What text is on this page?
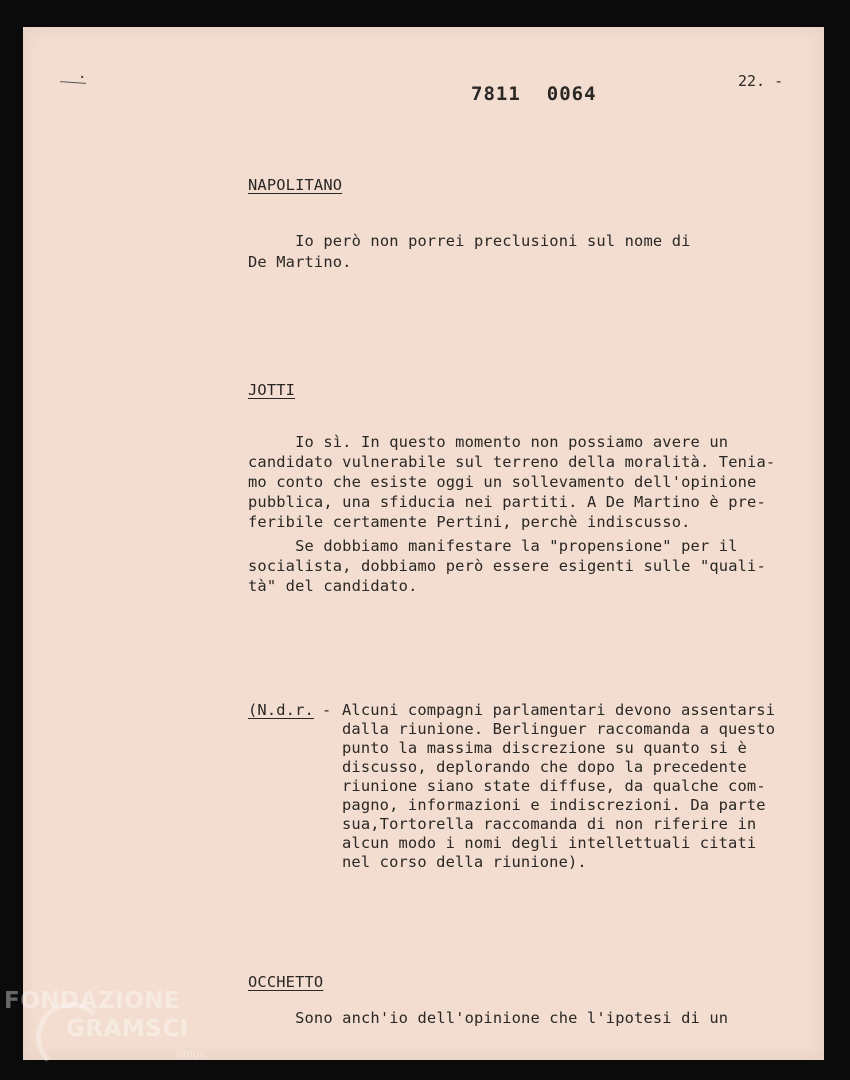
·
7811 0064
22. -
NAPOLITANO
Io però non porrei preclusioni sul nome di
De Martino.
JOTTI
Io sì. In questo momento non possiamo avere un
candidato vulnerabile sul terreno della moralità. Tenia-
mo conto che esiste oggi un sollevamento dell'opinione
pubblica, una sfiducia nei partiti. A De Martino è pre-
feribile certamente Pertini, perchè indiscusso.
Se dobbiamo manifestare la "propensione" per il
socialista, dobbiamo però essere esigenti sulle "quali-
tà" del candidato.
(N.d.r. - Alcuni compagni parlamentari devono assentarsi
dalla riunione. Berlinguer raccomanda a questo
punto la massima discrezione su quanto si è
discusso, deplorando che dopo la precedente
riunione siano state diffuse, da qualche com-
pagno, informazioni e indiscrezioni. Da parte
sua,Tortorella raccomanda di non riferire in
alcun modo i nomi degli intellettuali citati
nel corso della riunione).
OCCHETTO
Sono anch'io dell'opinione che l'ipotesi di un
FONDAZIONE
GRAMSCI
onlus
